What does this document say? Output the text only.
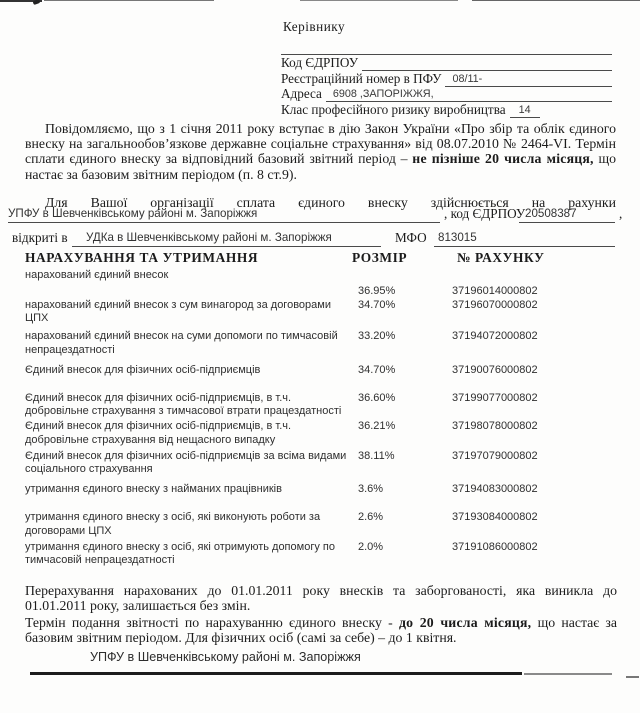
Керівнику

Код ЄДРПОУ
Реєстраційний номер в ПФУ	08/11-
Адреса	6908 ,ЗАПОРІЖЖЯ,
Клас професійного ризику виробництва	14

Повідомляємо, що з 1 січня 2011 року вступає в дію Закон України «Про збір та облік єдиного внеску на загальнообов’язкове державне соціальне страхування» від 08.07.2010 № 2464-VI. Термін сплати єдиного внеску за відповідний базовий звітний період – не пізніше 20 числа місяця, що настає за базовим звітним періодом (п. 8 ст.9).

Для Вашої організації сплата єдиного внеску здійснюється на рахунки

УПФУ в Шевченківському районі м. Запоріжжя	, код ЄДРПОУ 20508387	,
відкриті в УДКа в Шевченківському районі м. Запоріжжя	МФО 813015
НАРАХУВАННЯ ТА УТРИМАННЯ	РОЗМІР	№ РАХУНКУ
нарахований єдиний внесок
36.95%	37196014000802
нарахований єдиний внесок з сум винагород за договорами ЦПХ
34.70%	37196070000802
нарахований єдиний внесок на суми допомоги по тимчасовій непрацездатності
33.20%	37194072000802
Єдиний внесок для фізичних осіб-підприємців	34.70%	37190076000802
Єдиний внесок для фізичних осіб-підприємців, в т.ч. добровільне страхування з тимчасової втрати працездатності
36.60%	37199077000802
Єдиний внесок для фізичних осіб-підприємців, в т.ч. добровільне страхування від нещасного випадку
36.21%	37198078000802
Єдиний внесок для фізичних осіб-підприємців за всіма видами соціального страхування
38.11%	37197079000802
утримання єдиного внеску з найманих працівників	3.6%	37194083000802
утримання єдиного внеску з осіб, які виконують роботи за договорами ЦПХ
2.6%	37193084000802
утримання єдиного внеску з осіб, які отримують допомогу по тимчасовій непрацездатності
2.0%	37191086000802

Перерахування нарахованих до 01.01.2011 року внесків та заборгованості, яка виникла до 01.01.2011 року, залишається без змін.

Термін подання звітності по нарахуванню єдиного внеску - до 20 числа місяця, що настає за базовим звітним періодом. Для фізичних осіб (самі за себе) – до 1 квітня.

УПФУ в Шевченківському районі м. Запоріжжя
